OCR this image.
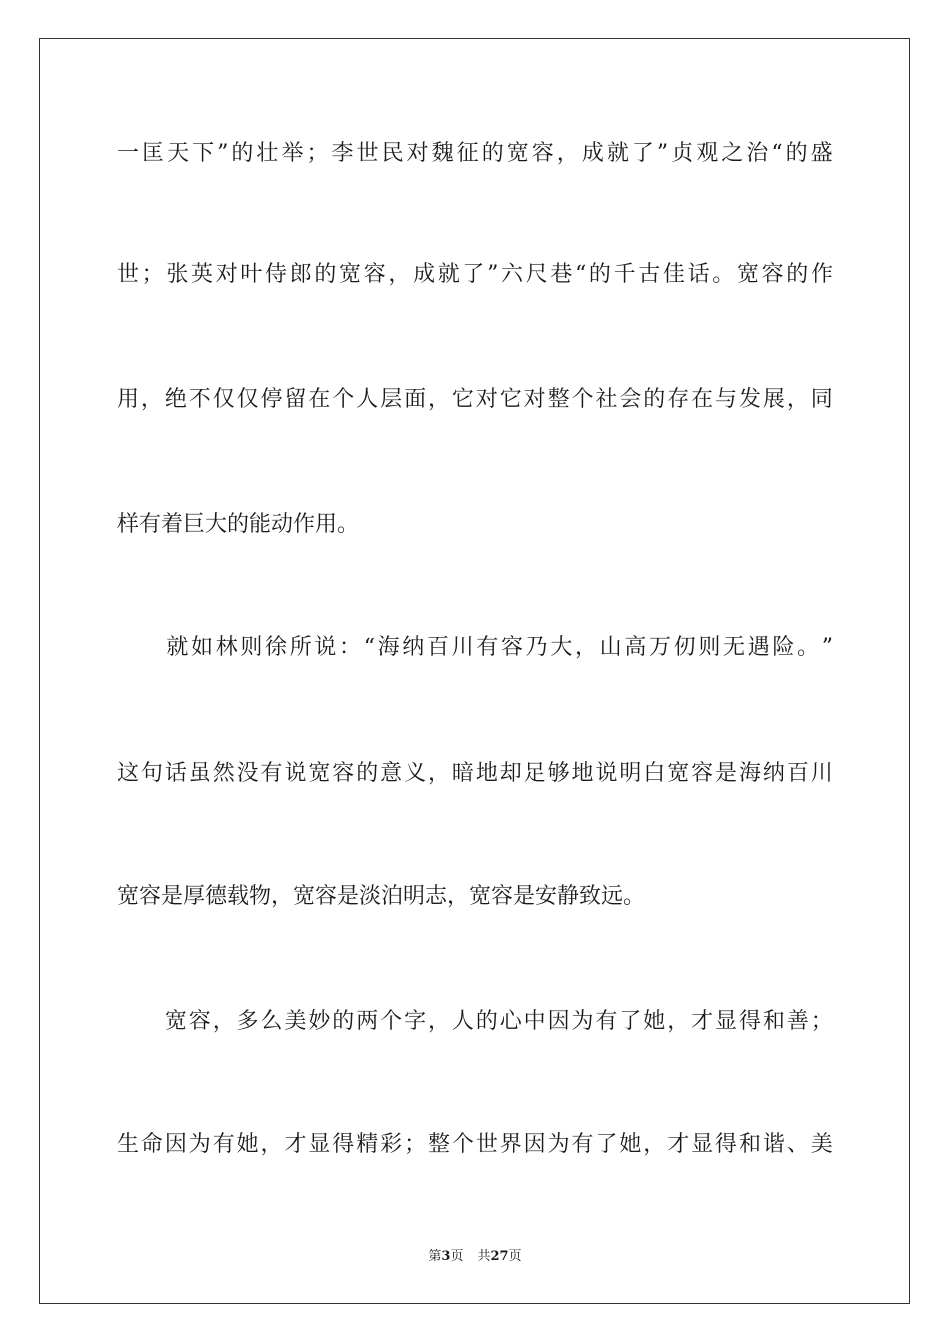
一 匡 天 下 ” 的 壮 举 ； 李 世 民 对 魏 征 的 宽 容 ， 成 就 了 ” 贞 观 之 治 “ 的 盛
世 ； 张 英 对 叶 侍 郎 的 宽 容 ， 成 就 了 ” 六 尺 巷 “ 的 千 古 佳 话 。 宽 容 的 作
用 ， 绝 不 仅 仅 停 留 在 个 人 层 面 ， 它 对 它 对 整 个 社 会 的 存 在 与 发 展 ， 同
样有着巨大的能动作用。

就 如 林 则 徐 所 说 ： “ 海 纳 百 川 有 容 乃 大 ， 山 高 万 仞 则 无 遇 险 。 ”
这 句 话 虽 然 没 有 说 宽 容 的 意 义 ， 暗 地 却 足 够 地 说 明 白 宽 容 是 海 纳 百 川
宽容是厚德载物，宽容是淡泊明志，宽容是安静致远。

宽 容 ， 多 么 美 妙 的 两 个 字 ， 人 的 心 中 因 为 有 了 她 ， 才 显 得 和 善 ；
生 命 因 为 有 她 ， 才 显 得 精 彩 ； 整 个 世 界 因 为 有 了 她 ， 才 显 得 和 谐 、 美
第3页 共27页
